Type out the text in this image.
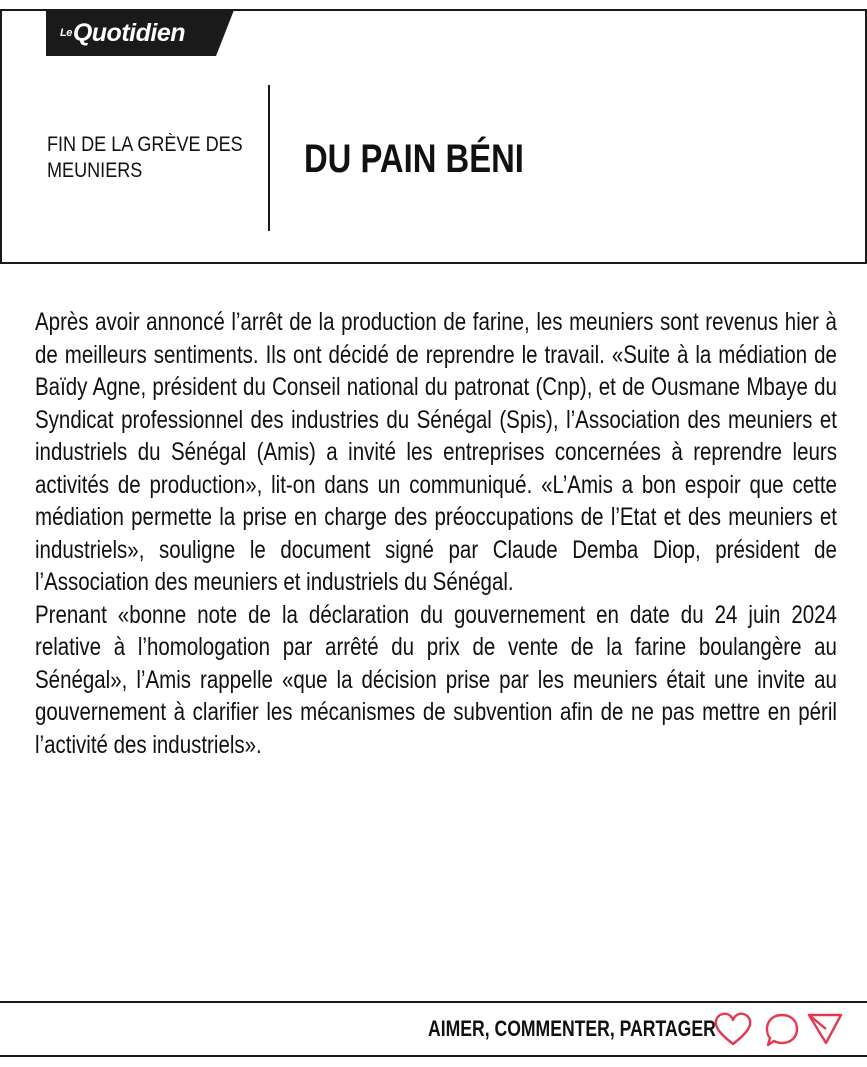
Le Quotidien
FIN DE LA GRÈVE DES MEUNIERS	DU PAIN BÉNI

Après avoir annoncé l’arrêt de la production de farine, les meuniers sont revenus hier à de meilleurs sentiments. Ils ont décidé de reprendre le travail. «Suite à la médiation de Baïdy Agne, président du Conseil national du patronat (Cnp), et de Ousmane Mbaye du Syndicat professionnel des industries du Sénégal (Spis), l’Association des meuniers et industriels du Sénégal (Amis) a invité les entreprises concernées à reprendre leurs activités de production», lit-on dans un communiqué. «L’Amis a bon espoir que cette médiation permette la prise en charge des préoccupations de l’Etat et des meuniers et industriels», souligne le document signé par Claude Demba Diop, président de l’Association des meuniers et industriels du Sénégal.

Prenant «bonne note de la déclaration du gouvernement en date du 24 juin 2024 relative à l’homologation par arrêté du prix de vente de la farine boulangère au Sénégal», l’Amis rappelle «que la décision prise par les meuniers était une invite au gouvernement à clarifier les mécanismes de subvention afin de ne pas mettre en péril l’activité des industriels».

AIMER, COMMENTER, PARTAGER
